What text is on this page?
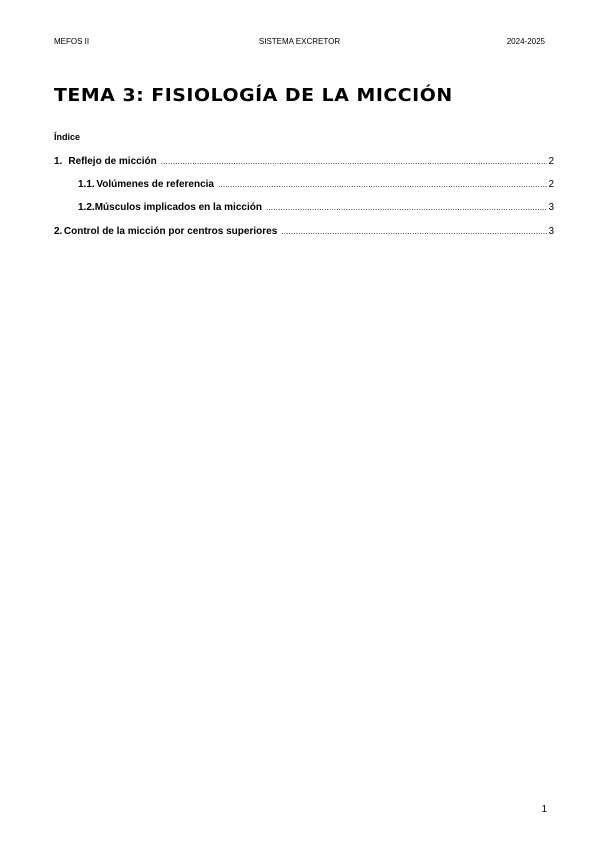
MEFOS II	SISTEMA EXCRETOR	2024-2025
TEMA 3: FISIOLOGÍA DE LA MICCIÓN
Índice
1. Reflejo de micción .....	2
1.1. Volúmenes de referencia .....	2
1.2. Músculos implicados en la micción .....	3
2. Control de la micción por centros superiores .....	3
1
